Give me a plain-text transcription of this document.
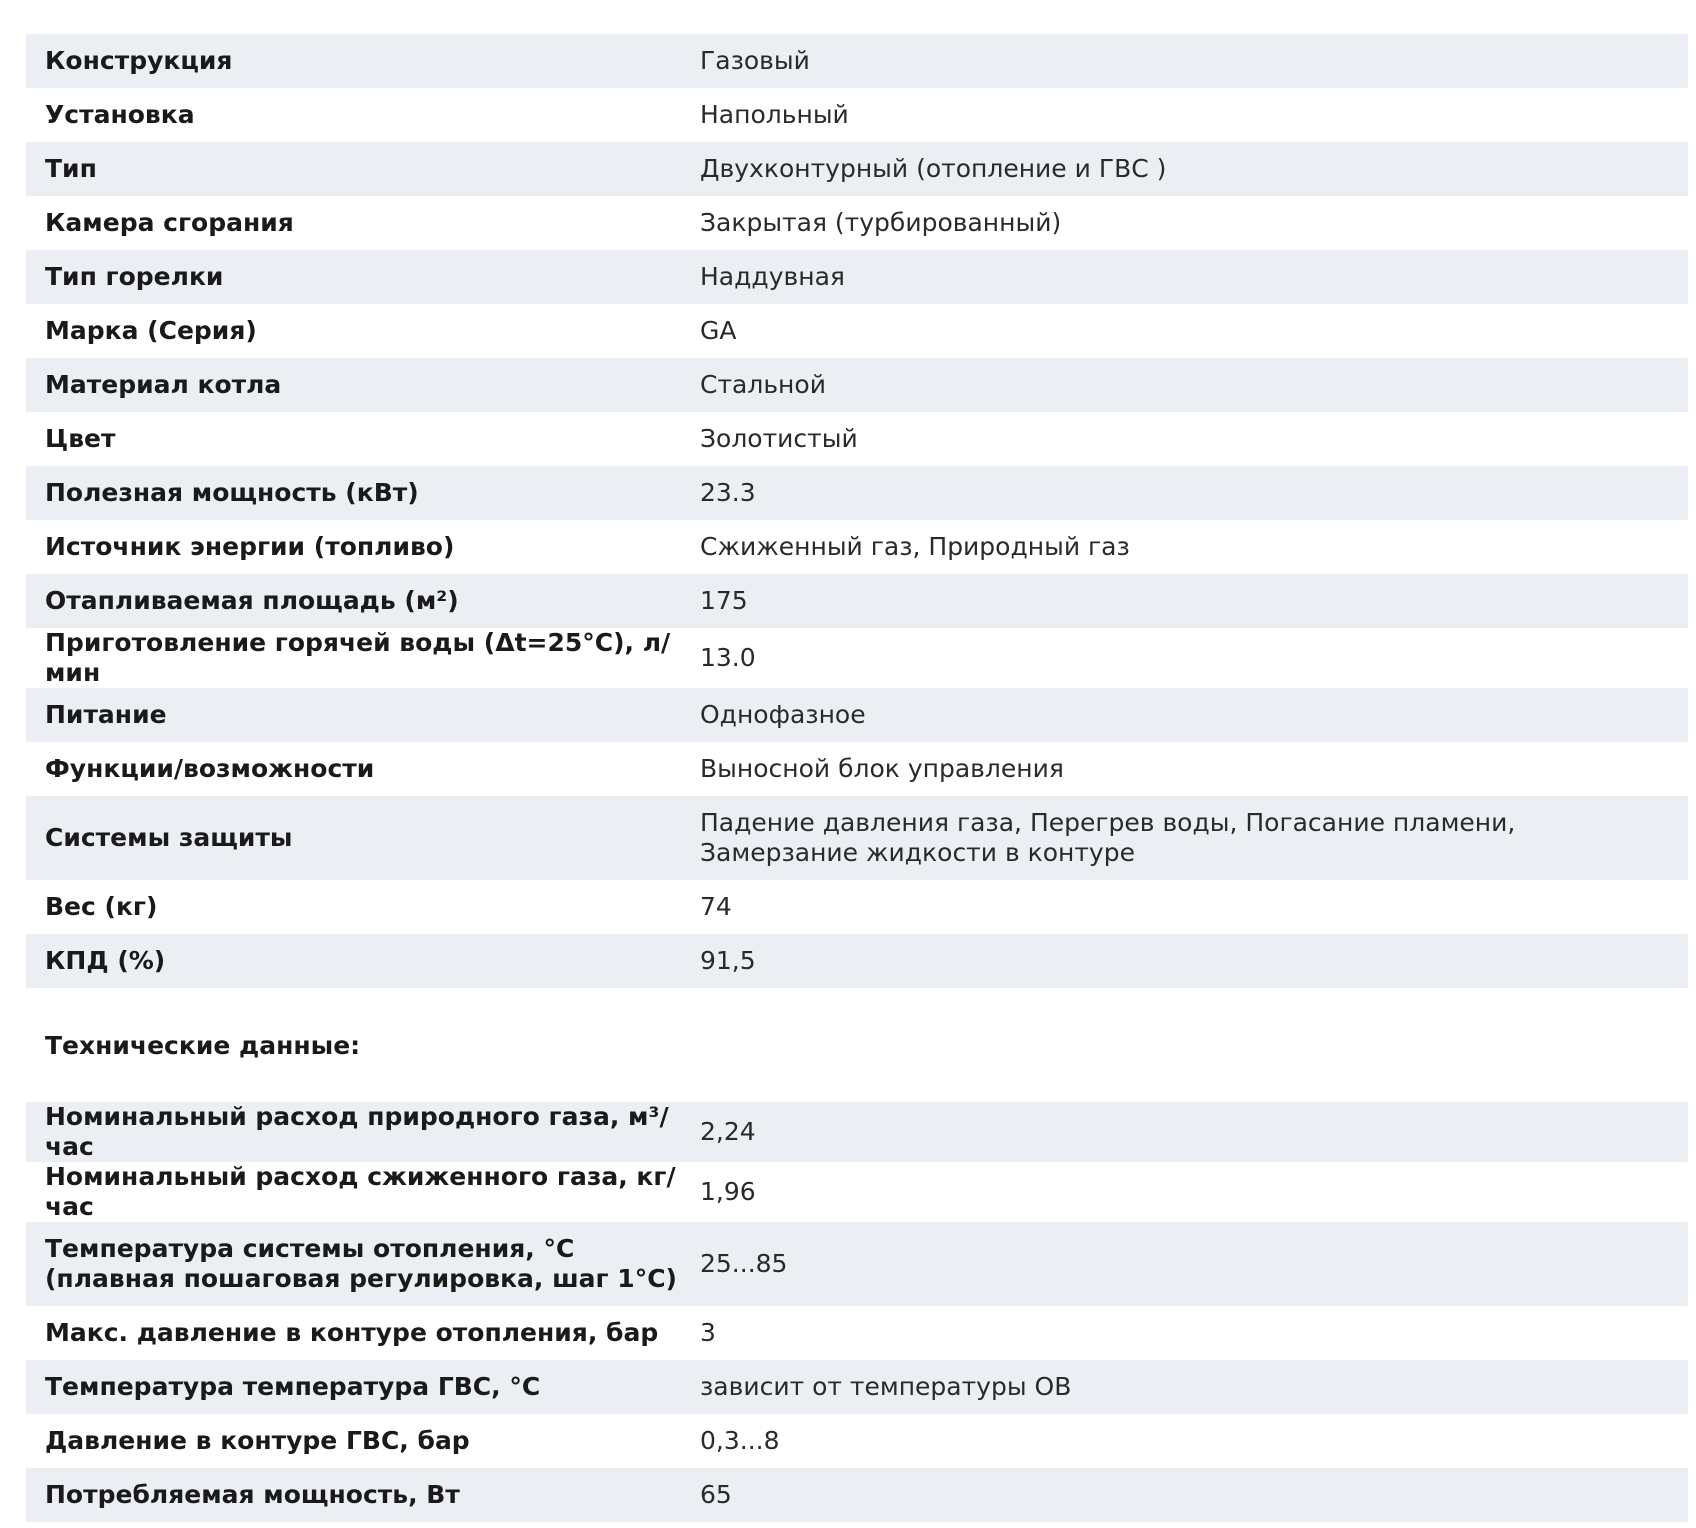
Конструкция	Газовый
Установка	Напольный
Тип	Двухконтурный (отопление и ГВС )
Камера сгорания	Закрытая (турбированный)
Тип горелки	Наддувная
Марка (Серия)	GA
Материал котла	Стальной
Цвет	Золотистый
Полезная мощность (кВт)	23.3
Источник энергии (топливо)	Сжиженный газ, Природный газ
Отапливаемая площадь (м²)	175
Приготовление горячей воды (Δt=25°С), л/мин	13.0
Питание	Однофазное
Функции/возможности	Выносной блок управления
Системы защиты	Падение давления газа, Перегрев воды, Погасание пламени, Замерзание жидкости в контуре
Вес (кг)	74
КПД (%)	91,5
Технические данные:
Номинальный расход природного газа, м³/час	2,24
Номинальный расход сжиженного газа, кг/час	1,96
Температура системы отопления, °С (плавная пошаговая регулировка, шаг 1°С)	25...85
Макс. давление в контуре отопления, бар	3
Температура температура ГВС, °С	зависит от температуры ОВ
Давление в контуре ГВС, бар	0,3...8
Потребляемая мощность, Вт	65
